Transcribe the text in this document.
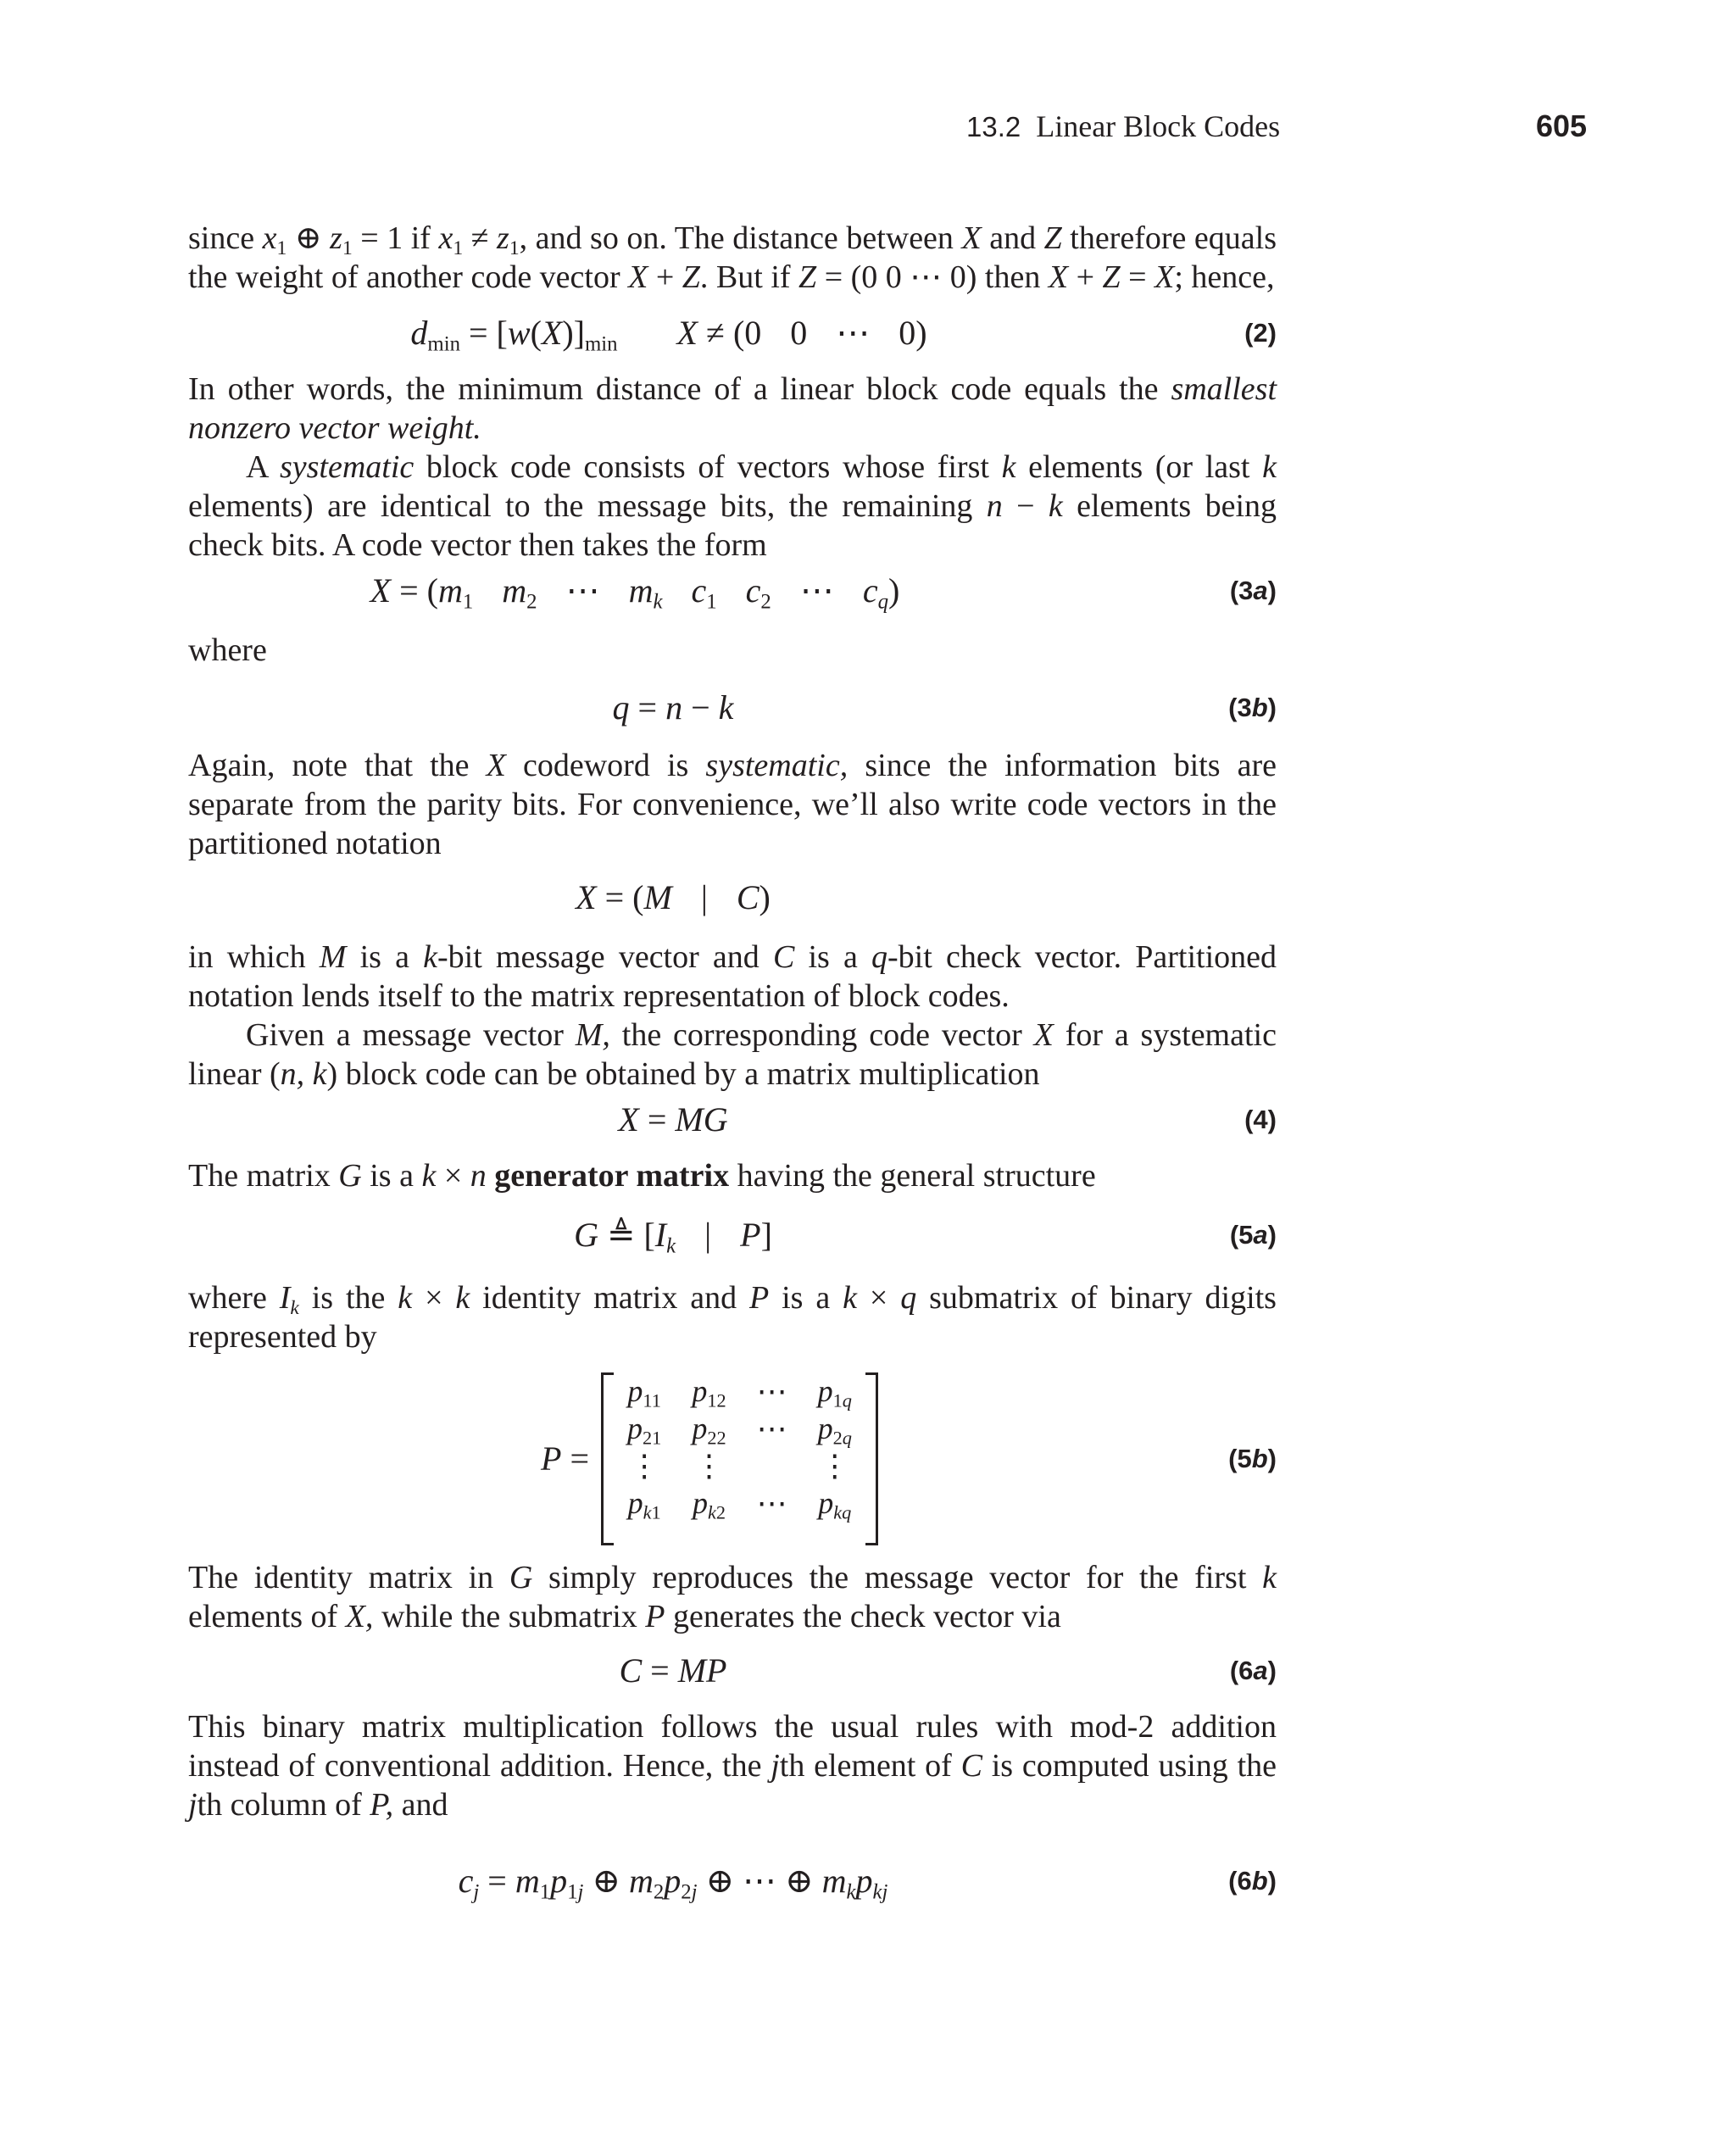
13.2 Linear Block Codes	605

since $x_1$ ⊕ $z_1 = 1$ if $x_1 \ne z_1$, and so on. The distance between X and Z therefore equals the weight of another code vector X + Z. But if Z = (0 0 ⋯ 0) then X + Z = X; hence,

$d_{min} = [w(X)]_{min}$ X ≠ (0 0 ⋯ 0)	(2)

In other words, the minimum distance of a linear block code equals the smallest nonzero vector weight.

A systematic block code consists of vectors whose first k elements (or last k elements) are identical to the message bits, the remaining n − k elements being check bits. A code vector then takes the form

$X = (m_1$ $m_2$ ⋯ $m_k$ $c_1$ $c_2$ ⋯ $c_q$)	(3a)

where

q = n − k	(3b)

Again, note that the X codeword is systematic, since the information bits are separate from the parity bits. For convenience, we’ll also write code vectors in the partitioned notation

X = (M | C)

in which M is a k-bit message vector and C is a q-bit check vector. Partitioned notation lends itself to the matrix representation of block codes.

Given a message vector M, the corresponding code vector X for a systematic linear (n, k) block code can be obtained by a matrix multiplication

X = MG	(4)

The matrix G is a k × n generator matrix having the general structure

G ≜ [$I_k$ | P]	(5a)

where $I_k$ is the k × k identity matrix and P is a k × q submatrix of binary digits represented by

P =
$p_{11}$	$p_{12}$	⋯	$p_{1q}$
$p_{21}$	$p_{22}$	⋯	$p_{2q}$
⋮	⋮		⋮
$p_{k1}$	$p_{k2}$	⋯	$p_{kq}$
(5b)

The identity matrix in G simply reproduces the message vector for the first k elements of X, while the submatrix P generates the check vector via

C = MP	(6a)

This binary matrix multiplication follows the usual rules with mod-2 addition instead of conventional addition. Hence, the jth element of C is computed using the jth column of P, and

$c_j = m_1p_{1j}$ ⊕ $m_2p_{2j}$ ⊕ ⋯ ⊕ $m_kp_{kj}$	(6b)
